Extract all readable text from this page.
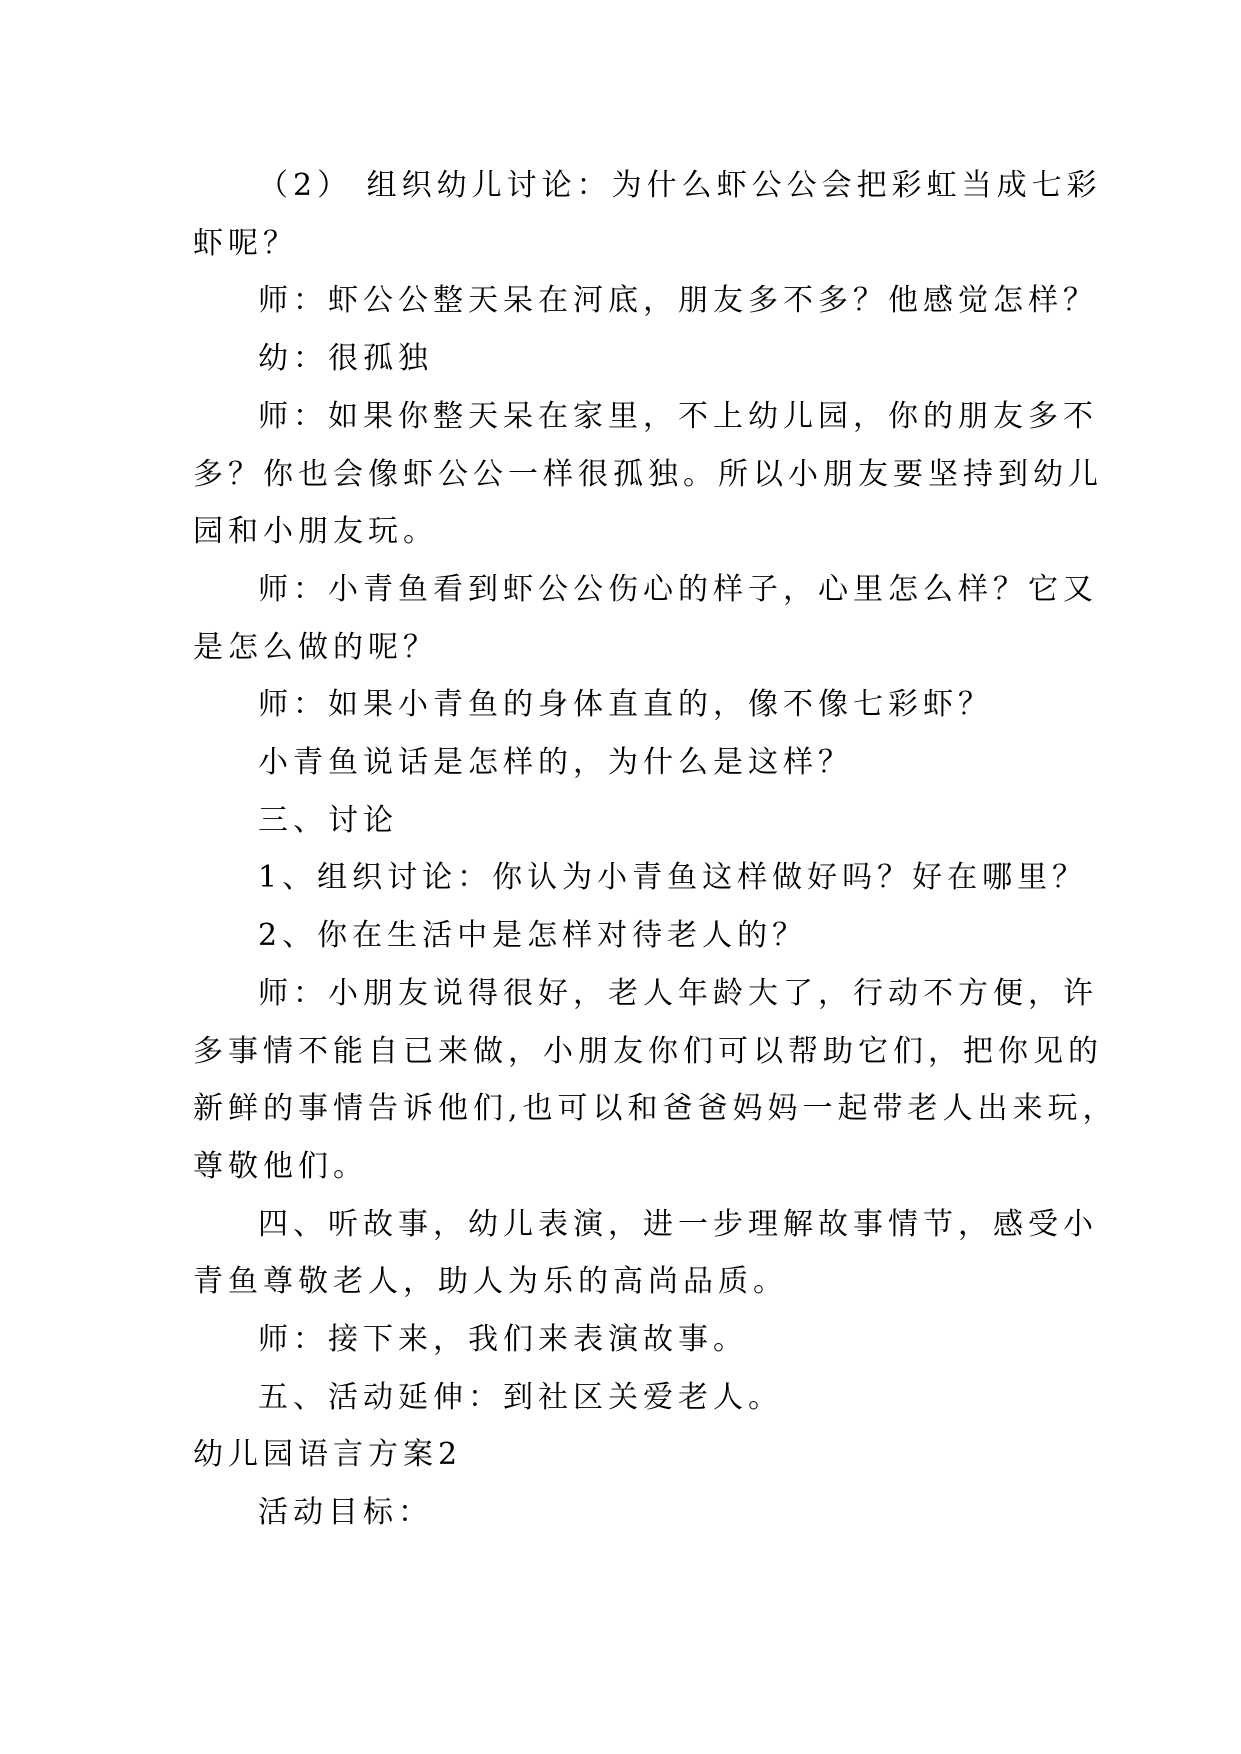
（2） 组织幼儿讨论：为什么虾公公会把彩虹当成七彩
虾呢？
师：虾公公整天呆在河底，朋友多不多？他感觉怎样？
幼：很孤独
师：如果你整天呆在家里，不上幼儿园，你的朋友多不
多？你也会像虾公公一样很孤独。所以小朋友要坚持到幼儿
园和小朋友玩。
师：小青鱼看到虾公公伤心的样子，心里怎么样？它又
是怎么做的呢？
师：如果小青鱼的身体直直的，像不像七彩虾？
小青鱼说话是怎样的，为什么是这样？
三、讨论
1、组织讨论：你认为小青鱼这样做好吗？好在哪里？
2、你在生活中是怎样对待老人的？
师：小朋友说得很好，老人年龄大了，行动不方便，许
多事情不能自已来做，小朋友你们可以帮助它们，把你见的
新鲜的事情告诉他们,也可以和爸爸妈妈一起带老人出来玩，
尊敬他们。
四、听故事，幼儿表演，进一步理解故事情节，感受小
青鱼尊敬老人，助人为乐的高尚品质。
师：接下来，我们来表演故事。
五、活动延伸：到社区关爱老人。
幼儿园语言方案2
活动目标：
